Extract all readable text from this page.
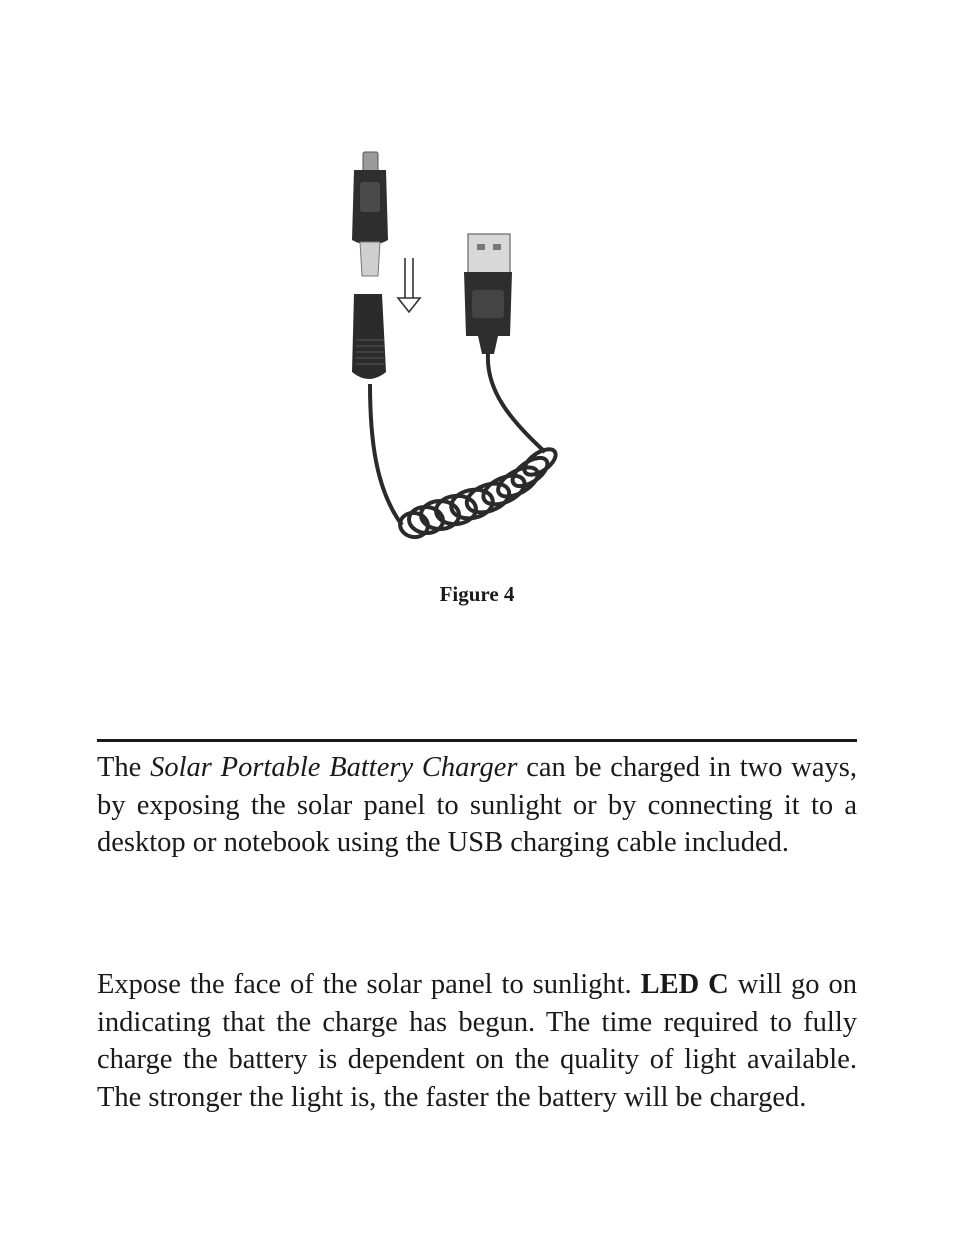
Figure 4

The Solar Portable Battery Charger can be charged in two ways, by exposing the solar panel to sunlight or by connecting it to a desktop or notebook using the USB charging cable included.

Expose the face of the solar panel to sunlight. LED C will go on indicating that the charge has begun. The time required to fully charge the battery is dependent on the quality of light available. The stronger the light is, the faster the battery will be charged.
